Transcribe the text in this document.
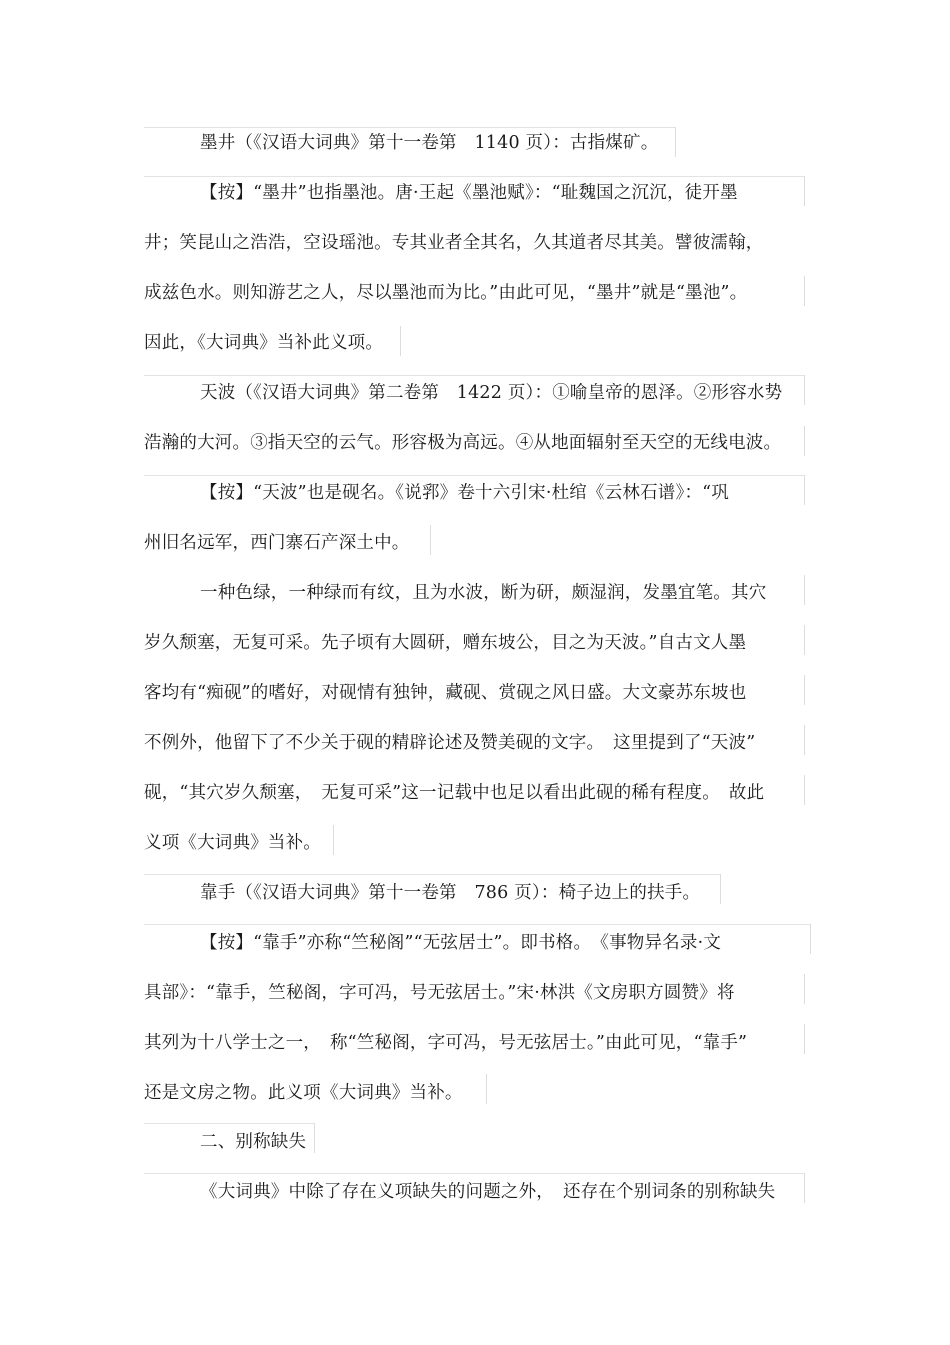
墨井（《汉语大词典》第十一卷第　1140 页）：古指煤矿。
【按】“墨井”也指墨池。唐·王起《墨池赋》：“耻魏国之沉沉，徒开墨
井；笑昆山之浩浩，空设瑶池。专其业者全其名，久其道者尽其美。譬彼濡翰，
成兹色水。则知游艺之人，尽以墨池而为比。”由此可见，“墨井”就是“墨池”。
因此，《大词典》当补此义项。
天波（《汉语大词典》第二卷第　1422 页）：①喻皇帝的恩泽。②形容水势
浩瀚的大河。③指天空的云气。形容极为高远。④从地面辐射至天空的无线电波。
【按】“天波”也是砚名。《说郛》卷十六引宋·杜绾《云林石谱》：“巩
州旧名远军，西门寨石产深土中。
一种色绿，一种绿而有纹，且为水波，断为研，颇湿润，发墨宜笔。其穴
岁久颓塞，无复可采。先子顷有大圆研，赠东坡公，目之为天波。”自古文人墨
客均有“痴砚”的嗜好，对砚情有独钟，藏砚、赏砚之风日盛。大文豪苏东坡也
不例外，他留下了不少关于砚的精辟论述及赞美砚的文字。　这里提到了“天波”
砚，“其穴岁久颓塞，　无复可采”这一记载中也足以看出此砚的稀有程度。　故此
义项《大词典》当补。
靠手（《汉语大词典》第十一卷第　786 页）：椅子边上的扶手。
【按】“靠手”亦称“竺秘阁”“无弦居士”。即书格。　《事物异名录·文
具部》：“靠手，竺秘阁，字可冯，号无弦居士。”宋·林洪《文房职方圆赞》将
其列为十八学士之一，　称“竺秘阁，字可冯，号无弦居士。”由此可见，“靠手”
还是文房之物。此义项《大词典》当补。
二、别称缺失
《大词典》中除了存在义项缺失的问题之外，　还存在个别词条的别称缺失
